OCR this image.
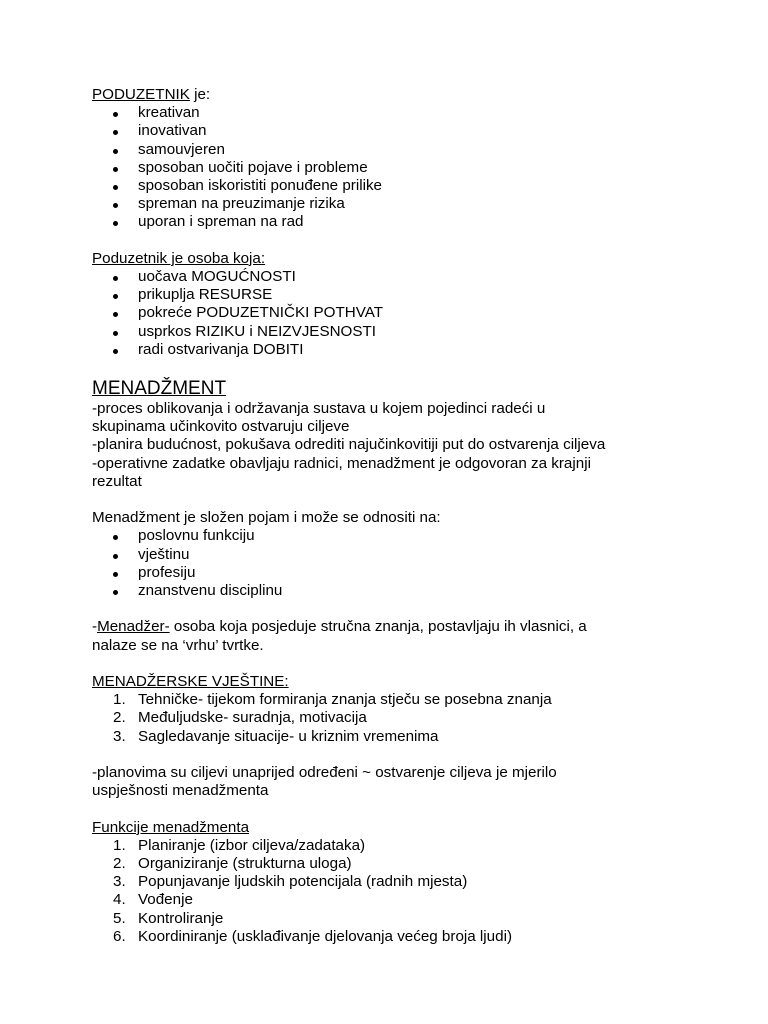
PODUZETNIK je:

kreativan
inovativan
samouvjeren
sposoban uočiti pojave i probleme
sposoban iskoristiti ponuđene prilike
spreman na preuzimanje rizika
uporan i spreman na rad

Poduzetnik je osoba koja:

uočava MOGUĆNOSTI
prikuplja RESURSE
pokreće PODUZETNIČKI POTHVAT
usprkos RIZIKU i NEIZVJESNOSTI
radi ostvarivanja DOBITI

MENADŽMENT

-proces oblikovanja i održavanja sustava u kojem pojedinci radeći u

skupinama učinkovito ostvaruju ciljeve

-planira budućnost, pokušava odrediti najučinkovitiji put do ostvarenja ciljeva

-operativne zadatke obavljaju radnici, menadžment je odgovoran za krajnji

rezultat

Menadžment je složen pojam i može se odnositi na:

poslovnu funkciju
vještinu
profesiju
znanstvenu disciplinu

-Menadžer- osoba koja posjeduje stručna znanja, postavljaju ih vlasnici, a

nalaze se na ‘vrhu’ tvrtke.

MENADŽERSKE VJEŠTINE:

1. Tehničke- tijekom formiranja znanja stječu se posebna znanja
2. Međuljudske- suradnja, motivacija
3. Sagledavanje situacije- u kriznim vremenima

-planovima su ciljevi unaprijed određeni ~ ostvarenje ciljeva je mjerilo

uspješnosti menadžmenta

Funkcije menadžmenta

1. Planiranje (izbor ciljeva/zadataka)
2. Organiziranje (strukturna uloga)
3. Popunjavanje ljudskih potencijala (radnih mjesta)
4. Vođenje
5. Kontroliranje
6. Koordiniranje (usklađivanje djelovanja većeg broja ljudi)
